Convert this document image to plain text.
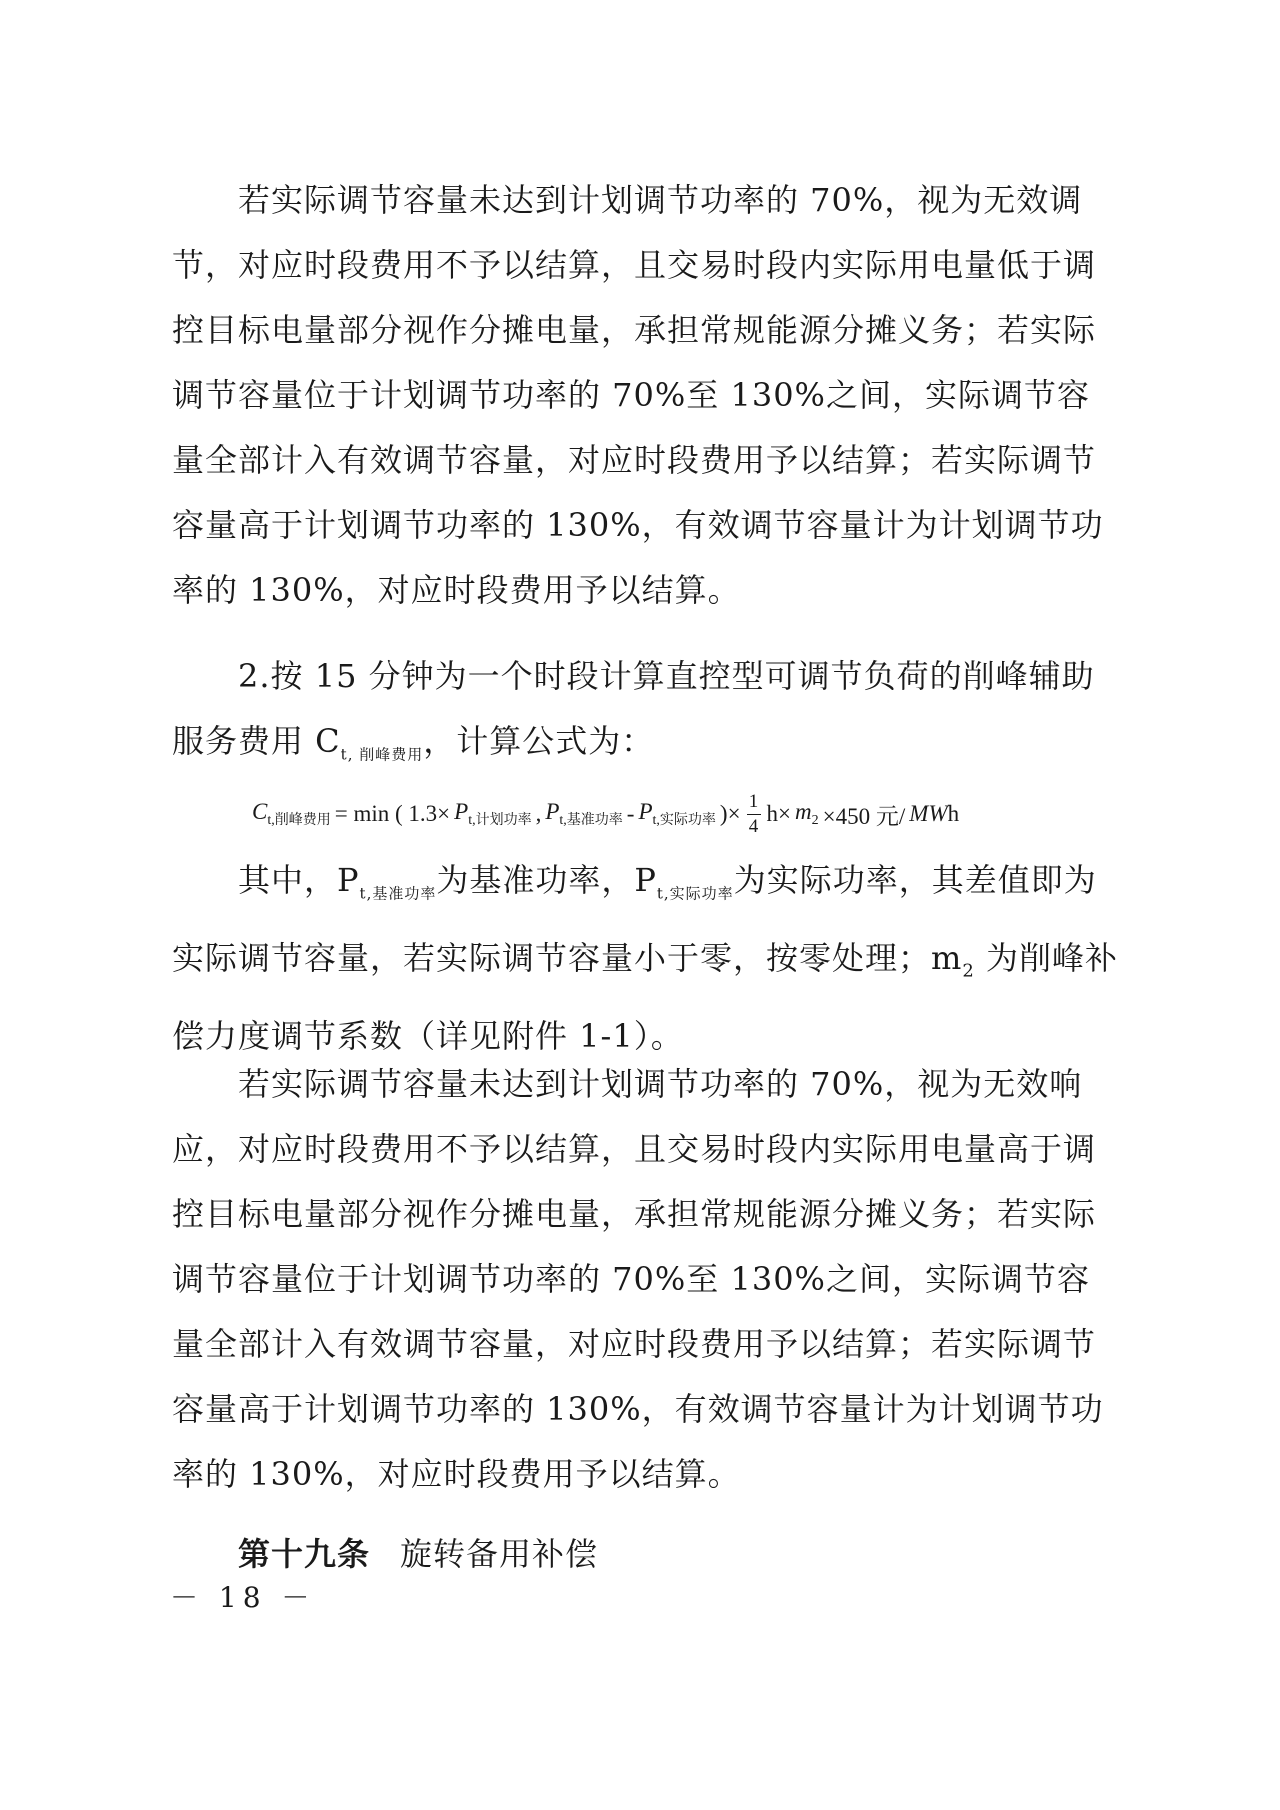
若实际调节容量未达到计划调节功率的 70%，视为无效调节，对应时段费用不予以结算，且交易时段内实际用电量低于调控目标电量部分视作分摊电量，承担常规能源分摊义务；若实际调节容量位于计划调节功率的 70%至 130%之间，实际调节容量全部计入有效调节容量，对应时段费用予以结算；若实际调节容量高于计划调节功率的 130%，有效调节容量计为计划调节功率的 130%，对应时段费用予以结算。

2.按 15 分钟为一个时段计算直控型可调节负荷的削峰辅助服务费用 $C_{t, 削峰费用}$，计算公式为：

$C_{t,削峰费用} = \min$ ( $1.3\times P_{t,计划功率}$ , $P_{t,基准功率} - P_{t,实际功率}$ )× $\frac{1}{4} h\times m_2 \times 450$ 元/ MWh

其中，$P_{t,基准功率}$为基准功率，$P_{t,实际功率}$为实际功率，其差值即为实际调节容量，若实际调节容量小于零，按零处理；$m_2$ 为削峰补偿力度调节系数（详见附件 1-1）。

若实际调节容量未达到计划调节功率的 70%，视为无效响应，对应时段费用不予以结算，且交易时段内实际用电量高于调控目标电量部分视作分摊电量，承担常规能源分摊义务；若实际调节容量位于计划调节功率的 70%至 130%之间，实际调节容量全部计入有效调节容量，对应时段费用予以结算；若实际调节容量高于计划调节功率的 130%，有效调节容量计为计划调节功率的 130%，对应时段费用予以结算。

第十九条 旋转备用补偿
－ 18 －
